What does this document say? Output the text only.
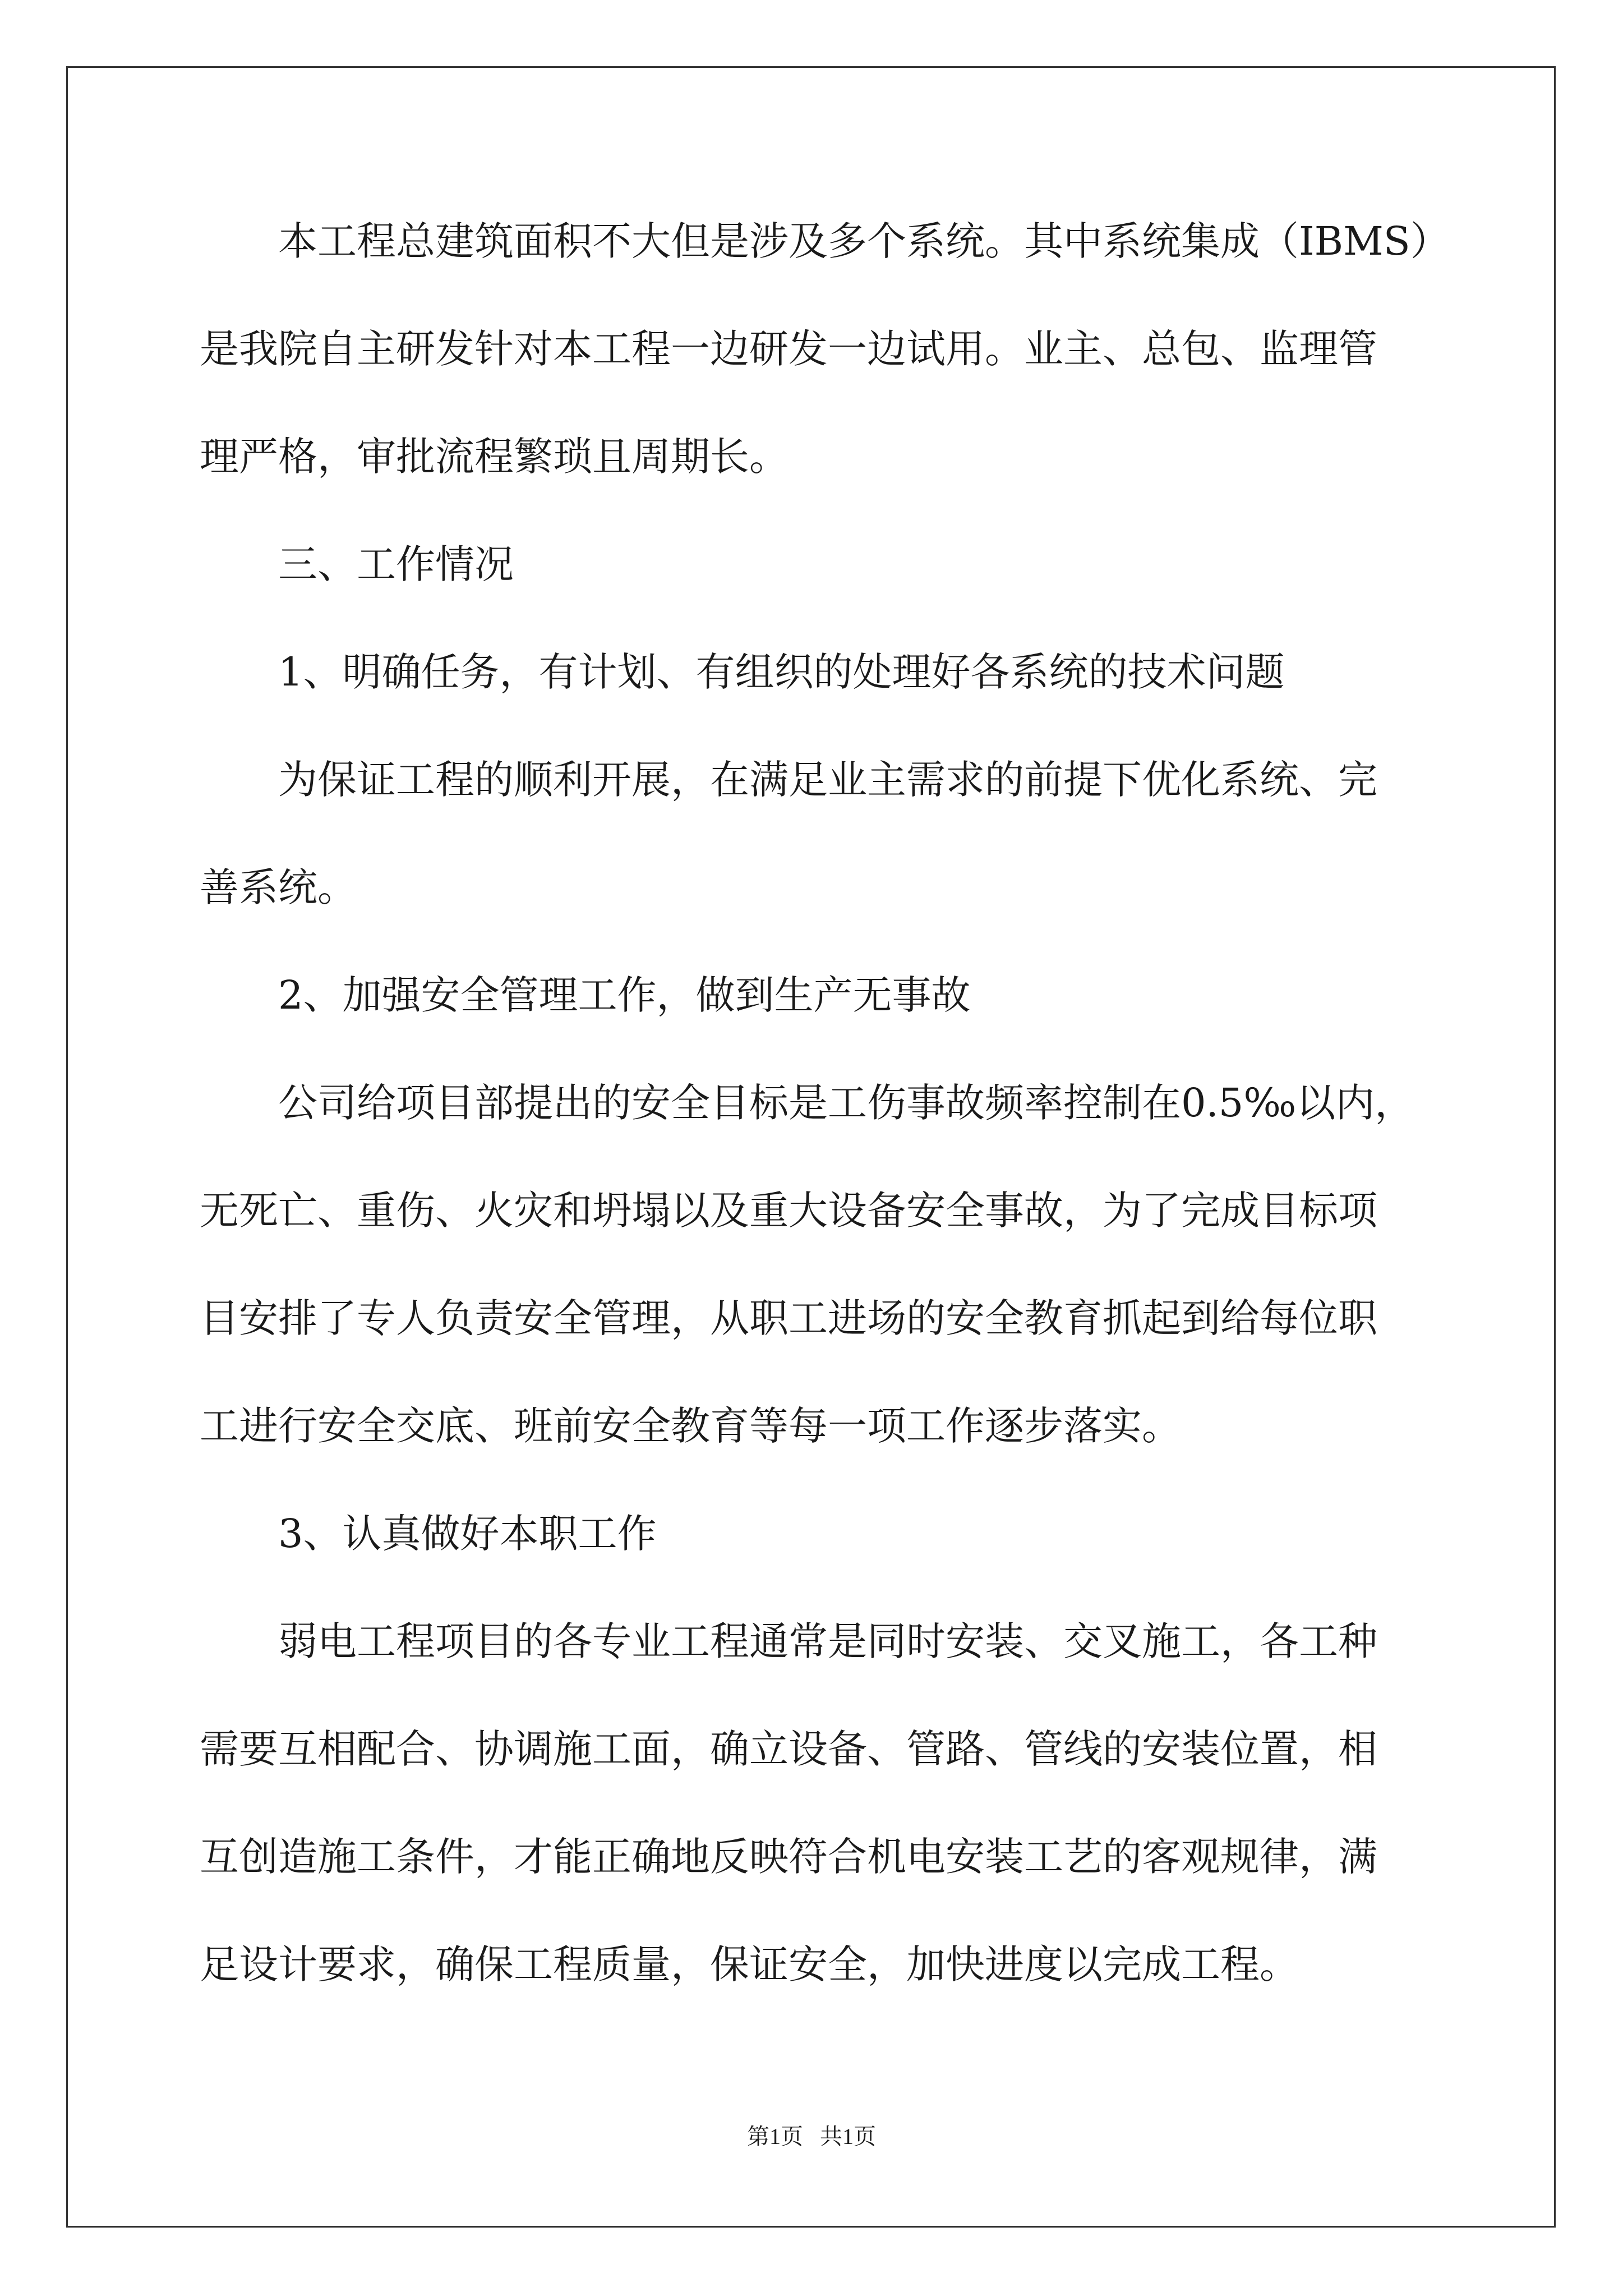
本工程总建筑面积不大但是涉及多个系统。其中系统集成（IBMS）
是我院自主研发针对本工程一边研发一边试用。业主、总包、监理管
理严格，审批流程繁琐且周期长。
三、工作情况
1、明确任务，有计划、有组织的处理好各系统的技术问题
为保证工程的顺利开展，在满足业主需求的前提下优化系统、完
善系统。
2、加强安全管理工作，做到生产无事故
公司给项目部提出的安全目标是工伤事故频率控制在0.5‰以内，
无死亡、重伤、火灾和坍塌以及重大设备安全事故，为了完成目标项
目安排了专人负责安全管理，从职工进场的安全教育抓起到给每位职
工进行安全交底、班前安全教育等每一项工作逐步落实。
3、认真做好本职工作
弱电工程项目的各专业工程通常是同时安装、交叉施工，各工种
需要互相配合、协调施工面，确立设备、管路、管线的安装位置，相
互创造施工条件，才能正确地反映符合机电安装工艺的客观规律，满
足设计要求，确保工程质量，保证安全，加快进度以完成工程。
第1页   共1页
